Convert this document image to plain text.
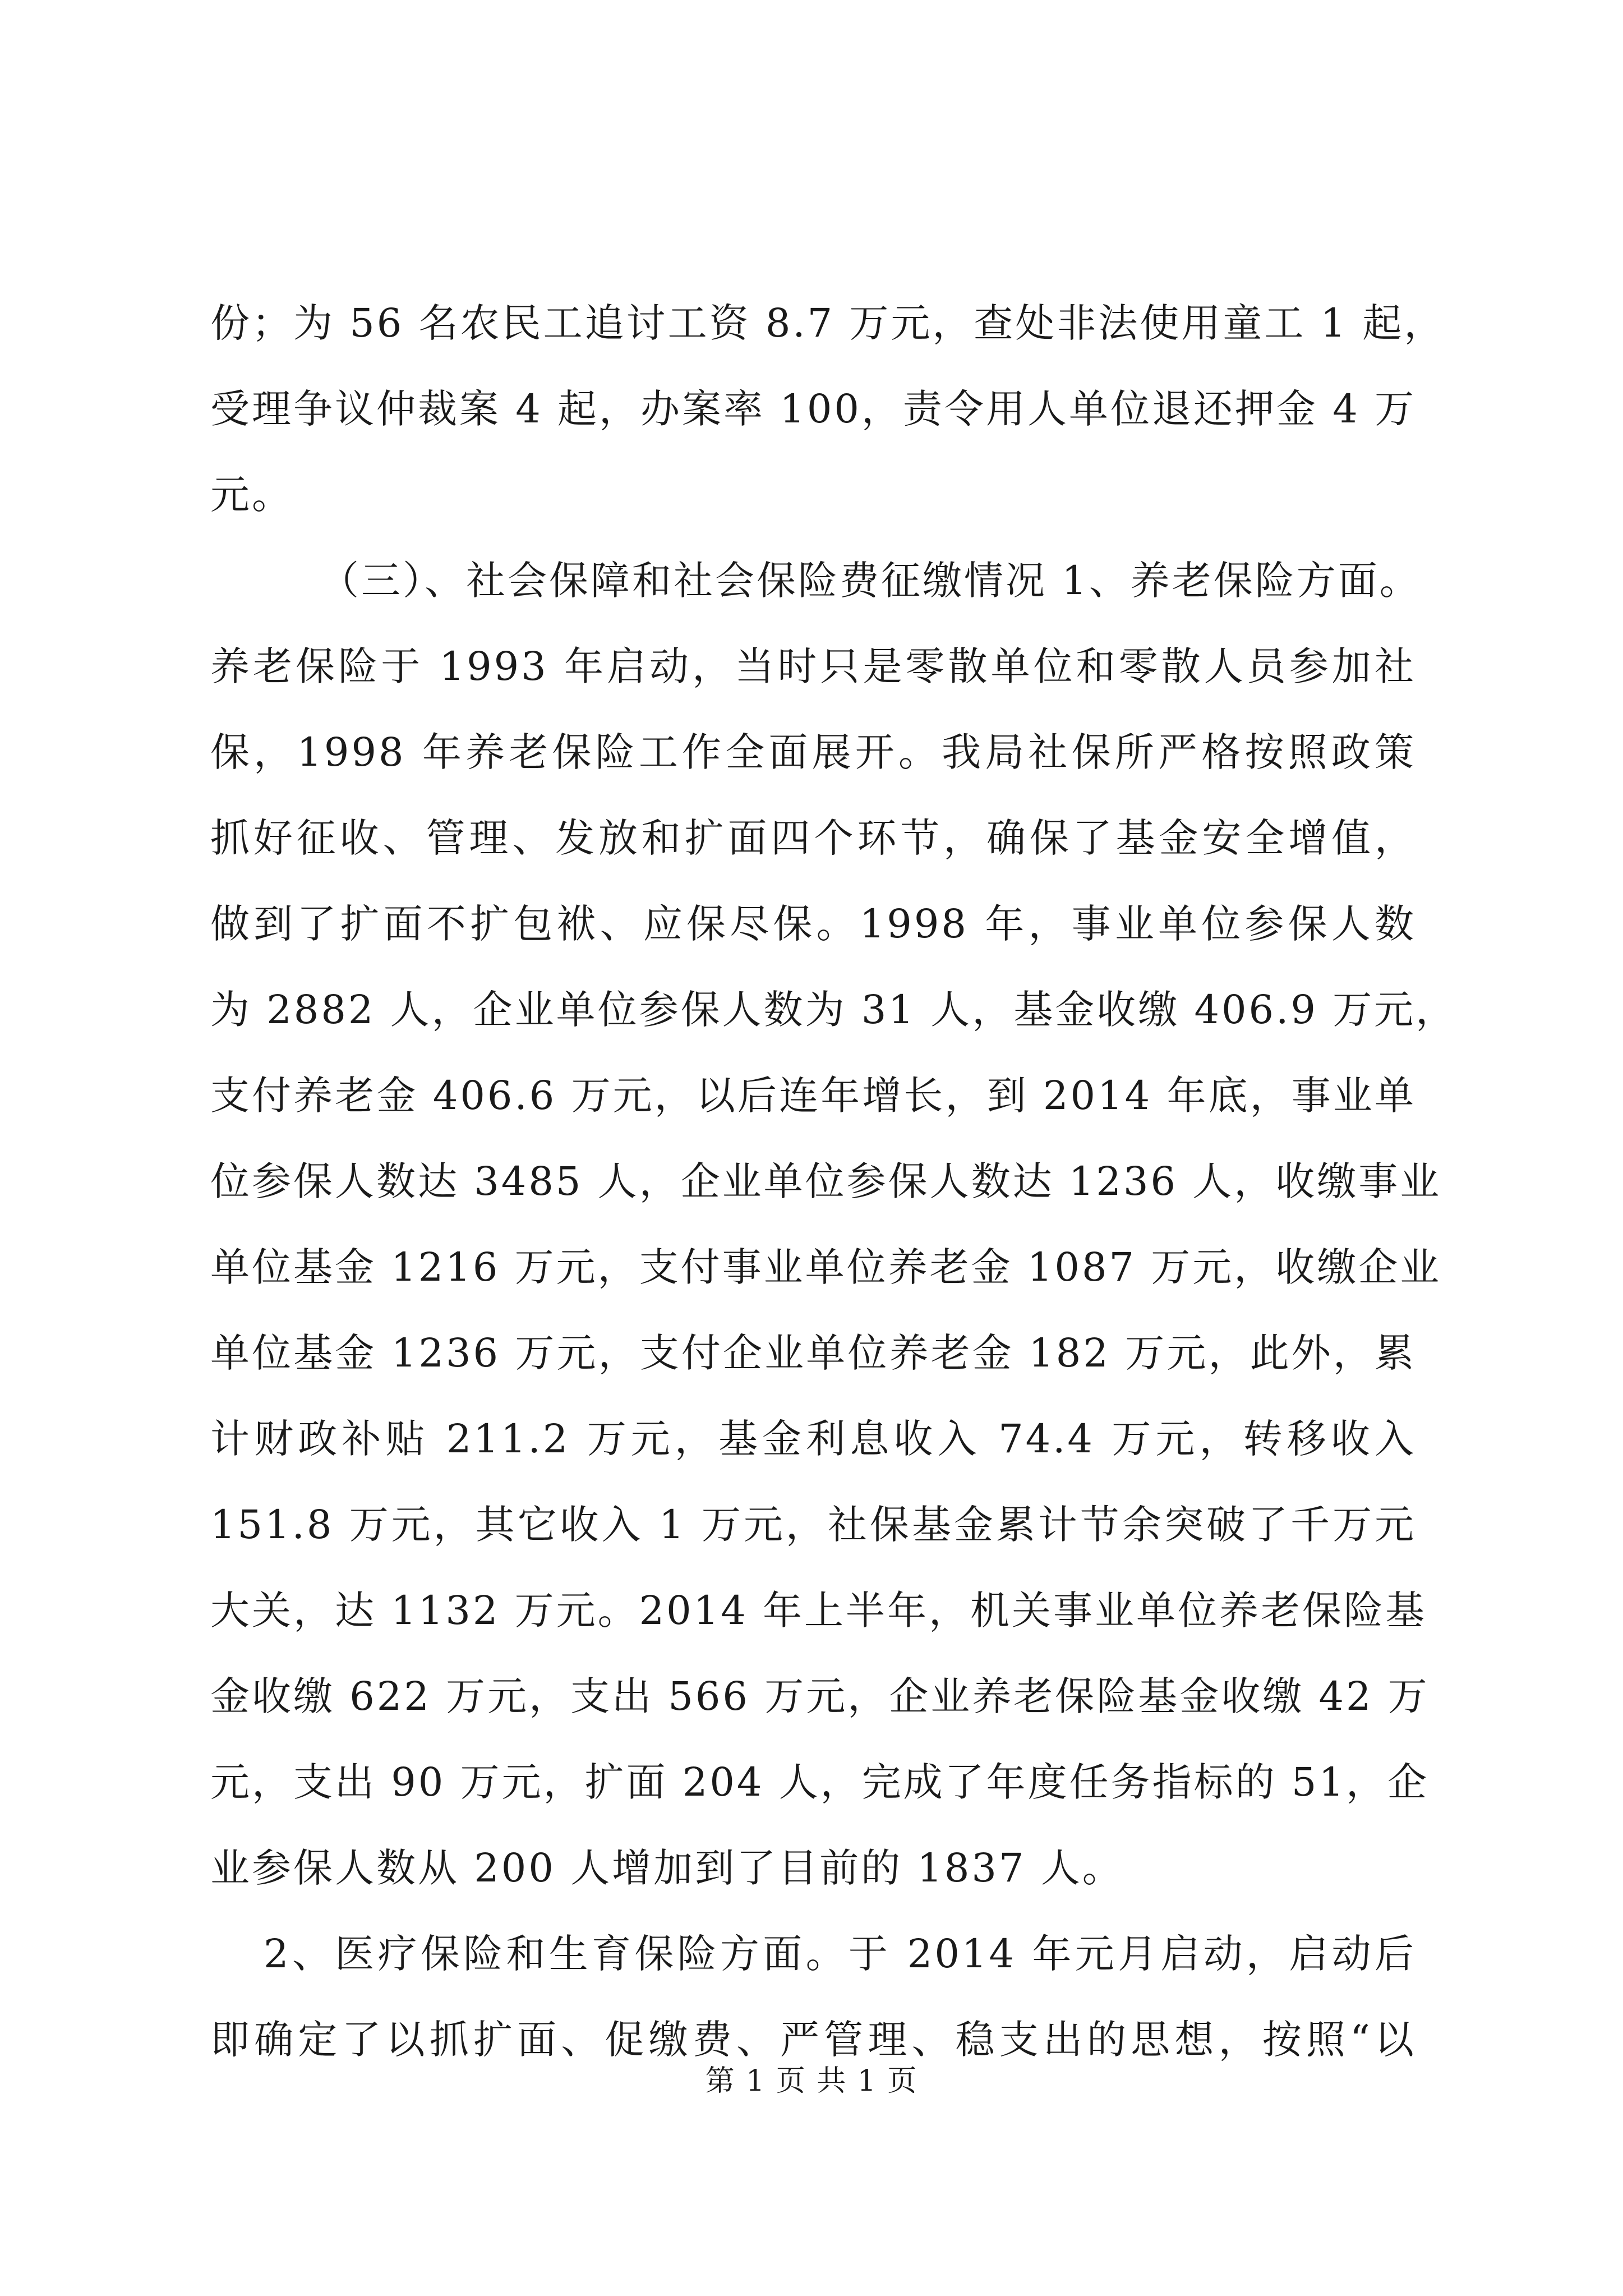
份；为 56 名农民工追讨工资 8.7 万元，查处非法使用童工 1 起，
受理争议仲裁案 4 起，办案率 100，责令用人单位退还押金 4 万
元。
（三）、社会保障和社会保险费征缴情况 1、养老保险方面。
养老保险于 1993 年启动，当时只是零散单位和零散人员参加社
保，1998 年养老保险工作全面展开。我局社保所严格按照政策
抓好征收、管理、发放和扩面四个环节，确保了基金安全增值，
做到了扩面不扩包袱、应保尽保。1998 年，事业单位参保人数
为 2882 人，企业单位参保人数为 31 人，基金收缴 406.9 万元，
支付养老金 406.6 万元，以后连年增长，到 2014 年底，事业单
位参保人数达 3485 人，企业单位参保人数达 1236 人，收缴事业
单位基金 1216 万元，支付事业单位养老金 1087 万元，收缴企业
单位基金 1236 万元，支付企业单位养老金 182 万元，此外，累
计财政补贴 211.2 万元，基金利息收入 74.4 万元，转移收入
151.8 万元，其它收入 1 万元，社保基金累计节余突破了千万元
大关，达 1132 万元。2014 年上半年，机关事业单位养老保险基
金收缴 622 万元，支出 566 万元，企业养老保险基金收缴 42 万
元，支出 90 万元，扩面 204 人，完成了年度任务指标的 51，企
业参保人数从 200 人增加到了目前的 1837 人。
2、医疗保险和生育保险方面。于 2014 年元月启动，启动后
即确定了以抓扩面、促缴费、严管理、稳支出的思想，按照“以
第 1 页 共 1 页
